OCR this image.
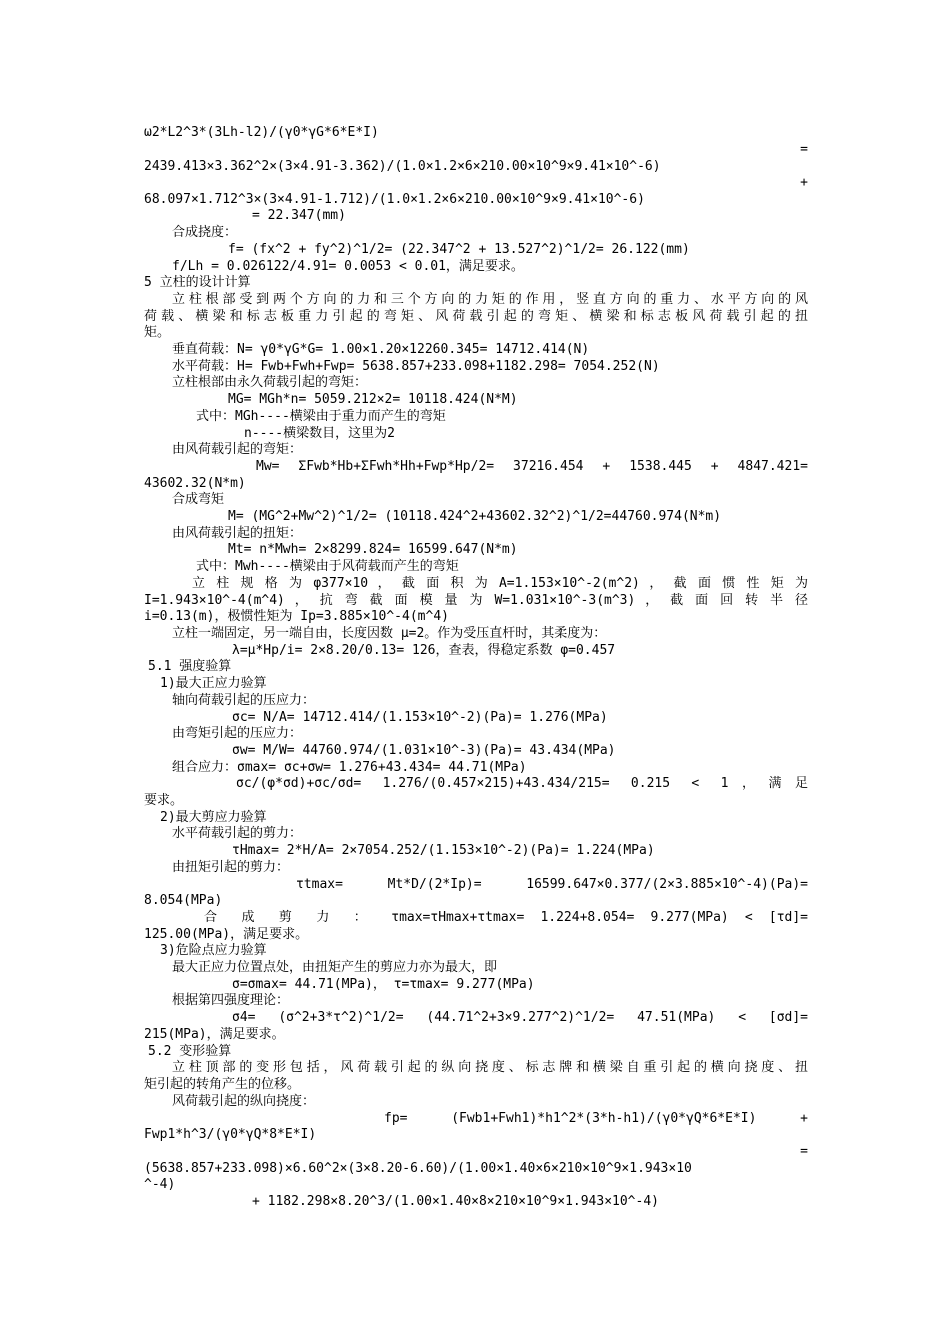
ω2*L2^3*(3Lh-l2)/(γ0*γG*6*E*I)
=
2439.413×3.362^2×(3×4.91-3.362)/(1.0×1.2×6×210.00×10^9×9.41×10^-6)
+
68.097×1.712^3×(3×4.91-1.712)/(1.0×1.2×6×210.00×10^9×9.41×10^-6)
= 22.347(mm)
合成挠度：
f= (fx^2 + fy^2)^1/2= (22.347^2 + 13.527^2)^1/2= 26.122(mm)
f/Lh = 0.026122/4.91= 0.0053 < 0.01，满足要求。
5 立柱的设计计算
立柱根部受到两个方向的力和三个方向的力矩的作用，竖直方向的重力、水平方向的风
荷载、横梁和标志板重力引起的弯矩、风荷载引起的弯矩、横梁和标志板风荷载引起的扭
矩。
垂直荷载：N= γ0*γG*G= 1.00×1.20×12260.345= 14712.414(N)
水平荷载：H= Fwb+Fwh+Fwp= 5638.857+233.098+1182.298= 7054.252(N)
立柱根部由永久荷载引起的弯矩：
MG= MGh*n= 5059.212×2= 10118.424(N*M)
式中：MGh----横梁由于重力而产生的弯矩
n----横梁数目，这里为2
由风荷载引起的弯矩：
Mw= ΣFwb*Hb+ΣFwh*Hh+Fwp*Hp/2= 37216.454 + 1538.445 + 4847.421=
43602.32(N*m)
合成弯矩
M= (MG^2+Mw^2)^1/2= (10118.424^2+43602.32^2)^1/2=44760.974(N*m)
由风荷载引起的扭矩：
Mt= n*Mwh= 2×8299.824= 16599.647(N*m)
式中：Mwh----横梁由于风荷载而产生的弯矩
立 柱 规 格 为 φ377×10 ， 截 面 积 为 A=1.153×10^-2(m^2) ， 截 面 惯 性 矩 为
I=1.943×10^-4(m^4) ， 抗 弯 截 面 模 量 为 W=1.031×10^-3(m^3) ， 截 面 回 转 半 径
i=0.13(m)，极惯性矩为 Ip=3.885×10^-4(m^4)
立柱一端固定，另一端自由，长度因数 μ=2。作为受压直杆时，其柔度为：
λ=μ*Hp/i= 2×8.20/0.13= 126，查表，得稳定系数 φ=0.457
5.1 强度验算
1)最大正应力验算
轴向荷载引起的压应力：
σc= N/A= 14712.414/(1.153×10^-2)(Pa)= 1.276(MPa)
由弯矩引起的压应力：
σw= M/W= 44760.974/(1.031×10^-3)(Pa)= 43.434(MPa)
组合应力：σmax= σc+σw= 1.276+43.434= 44.71(MPa)
σc/(φ*σd)+σc/σd= 1.276/(0.457×215)+43.434/215= 0.215 < 1，满足
要求。
2)最大剪应力验算
水平荷载引起的剪力：
τHmax= 2*H/A= 2×7054.252/(1.153×10^-2)(Pa)= 1.224(MPa)
由扭矩引起的剪力：
τtmax= Mt*D/(2*Ip)= 16599.647×0.377/(2×3.885×10^-4)(Pa)=
8.054(MPa)
合 成 剪 力 ： τmax=τHmax+τtmax= 1.224+8.054= 9.277(MPa) < [τd]=
125.00(MPa)，满足要求。
3)危险点应力验算
最大正应力位置点处，由扭矩产生的剪应力亦为最大，即
σ=σmax= 44.71(MPa)， τ=τmax= 9.277(MPa)
根据第四强度理论：
σ4= (σ^2+3*τ^2)^1/2= (44.71^2+3×9.277^2)^1/2= 47.51(MPa) < [σd]=
215(MPa)，满足要求。
5.2 变形验算
立柱顶部的变形包括，风荷载引起的纵向挠度、标志牌和横梁自重引起的横向挠度、扭
矩引起的转角产生的位移。
风荷载引起的纵向挠度：
fp= (Fwb1+Fwh1)*h1^2*(3*h-h1)/(γ0*γQ*6*E*I) +
Fwp1*h^3/(γ0*γQ*8*E*I)
=
(5638.857+233.098)×6.60^2×(3×8.20-6.60)/(1.00×1.40×6×210×10^9×1.943×10
^-4)
+ 1182.298×8.20^3/(1.00×1.40×8×210×10^9×1.943×10^-4)
